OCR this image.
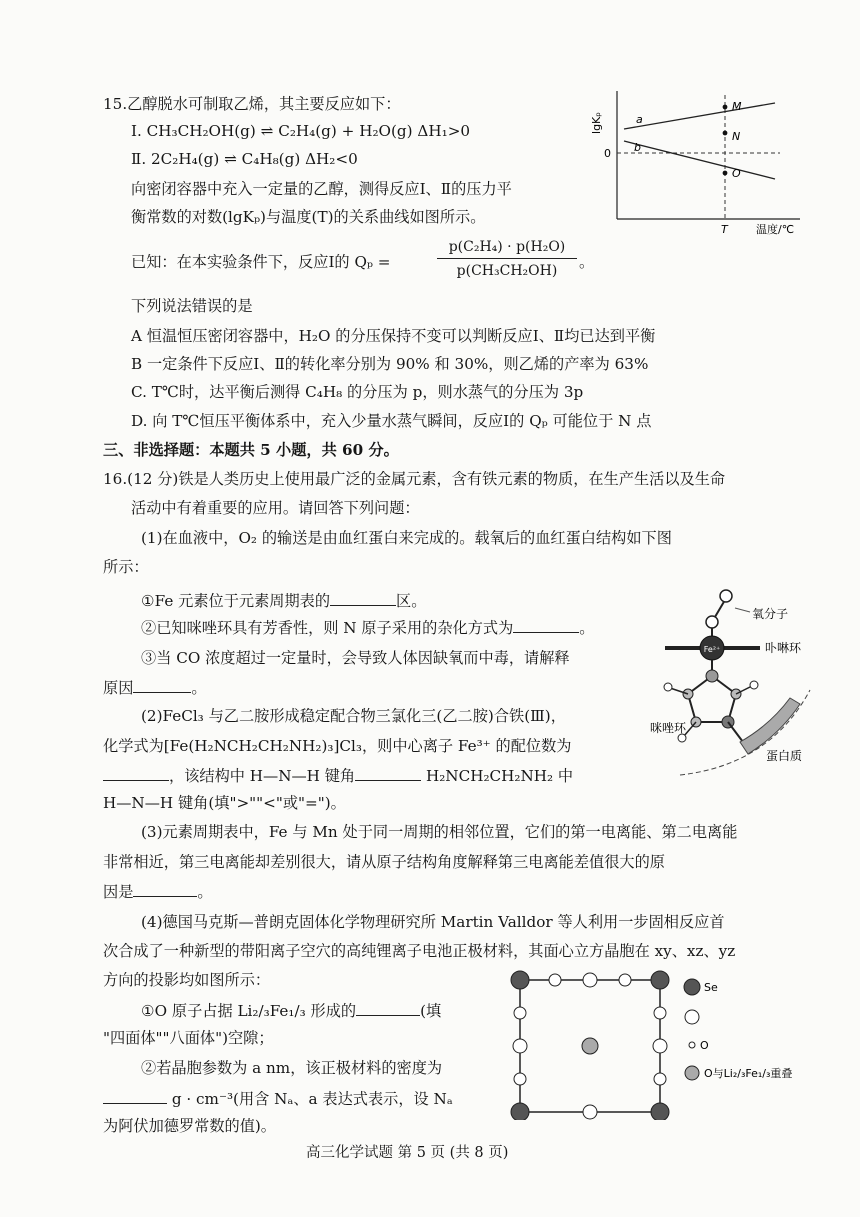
15.乙醇脱水可制取乙烯，其主要反应如下：
Ⅰ. CH₃CH₂OH(g) ⇌ C₂H₄(g) + H₂O(g) ΔH₁>0
Ⅱ. 2C₂H₄(g) ⇌ C₄H₈(g) ΔH₂<0
向密闭容器中充入一定量的乙醇，测得反应Ⅰ、Ⅱ的压力平
衡常数的对数(lgKₚ)与温度(T)的关系曲线如图所示。
已知：在本实验条件下，反应Ⅰ的 Qₚ =
p(C₂H₄) · p(H₂O)
p(CH₃CH₂OH)	。
下列说法错误的是
A 恒温恒压密闭容器中，H₂O 的分压保持不变可以判断反应Ⅰ、Ⅱ均已达到平衡
B 一定条件下反应Ⅰ、Ⅱ的转化率分别为 90% 和 30%，则乙烯的产率为 63%
C. T℃时，达平衡后测得 C₄H₈ 的分压为 p，则水蒸气的分压为 3p
D. 向 T℃恒压平衡体系中，充入少量水蒸气瞬间，反应Ⅰ的 Qₚ 可能位于 N 点
lgKₚ
0
a
b
M
N
O
T	温度/℃
三、非选择题：本题共 5 小题，共 60 分。
16.(12 分)铁是人类历史上使用最广泛的金属元素，含有铁元素的物质，在生产生活以及生命
活动中有着重要的应用。请回答下列问题：
(1)在血液中，O₂ 的输送是由血红蛋白来完成的。载氧后的血红蛋白结构如下图
所示：
①Fe 元素位于元素周期表的	区。
②已知咪唑环具有芳香性，则 N 原子采用的杂化方式为	。
③当 CO 浓度超过一定量时，会导致人体因缺氧而中毒，请解释
原因	。
(2)FeCl₃ 与乙二胺形成稳定配合物三氯化三(乙二胺)合铁(Ⅲ)，
化学式为[Fe(H₂NCH₂CH₂NH₂)₃]Cl₃，则中心离子 Fe³⁺ 的配位数为
，该结构中 H—N—H 键角	H₂NCH₂CH₂NH₂ 中
H—N—H 键角(填">""<"或"=")。
(3)元素周期表中，Fe 与 Mn 处于同一周期的相邻位置，它们的第一电离能、第二电离能
非常相近，第三电离能却差别很大，请从原子结构角度解释第三电离能差值很大的原
因是	。
(4)德国马克斯—普朗克固体化学物理研究所 Martin Valldor 等人利用一步固相反应首
次合成了一种新型的带阳离子空穴的高纯锂离子电池正极材料，其面心立方晶胞在 xy、xz、yz
方向的投影均如图所示：
①O 原子占据 Li₂/₃Fe₁/₃ 形成的	(填
"四面体""八面体")空隙；
②若晶胞参数为 a nm，该正极材料的密度为
g · cm⁻³(用含 Nₐ、a 表达式表示，设 Nₐ
为阿伏加德罗常数的值)。
氧分子
Fe²⁺	卟啉环
咪唑环
蛋白质
Se
O
O与Li₂/₃Fe₁/₃重叠
高三化学试题 第 5 页 (共 8 页)
